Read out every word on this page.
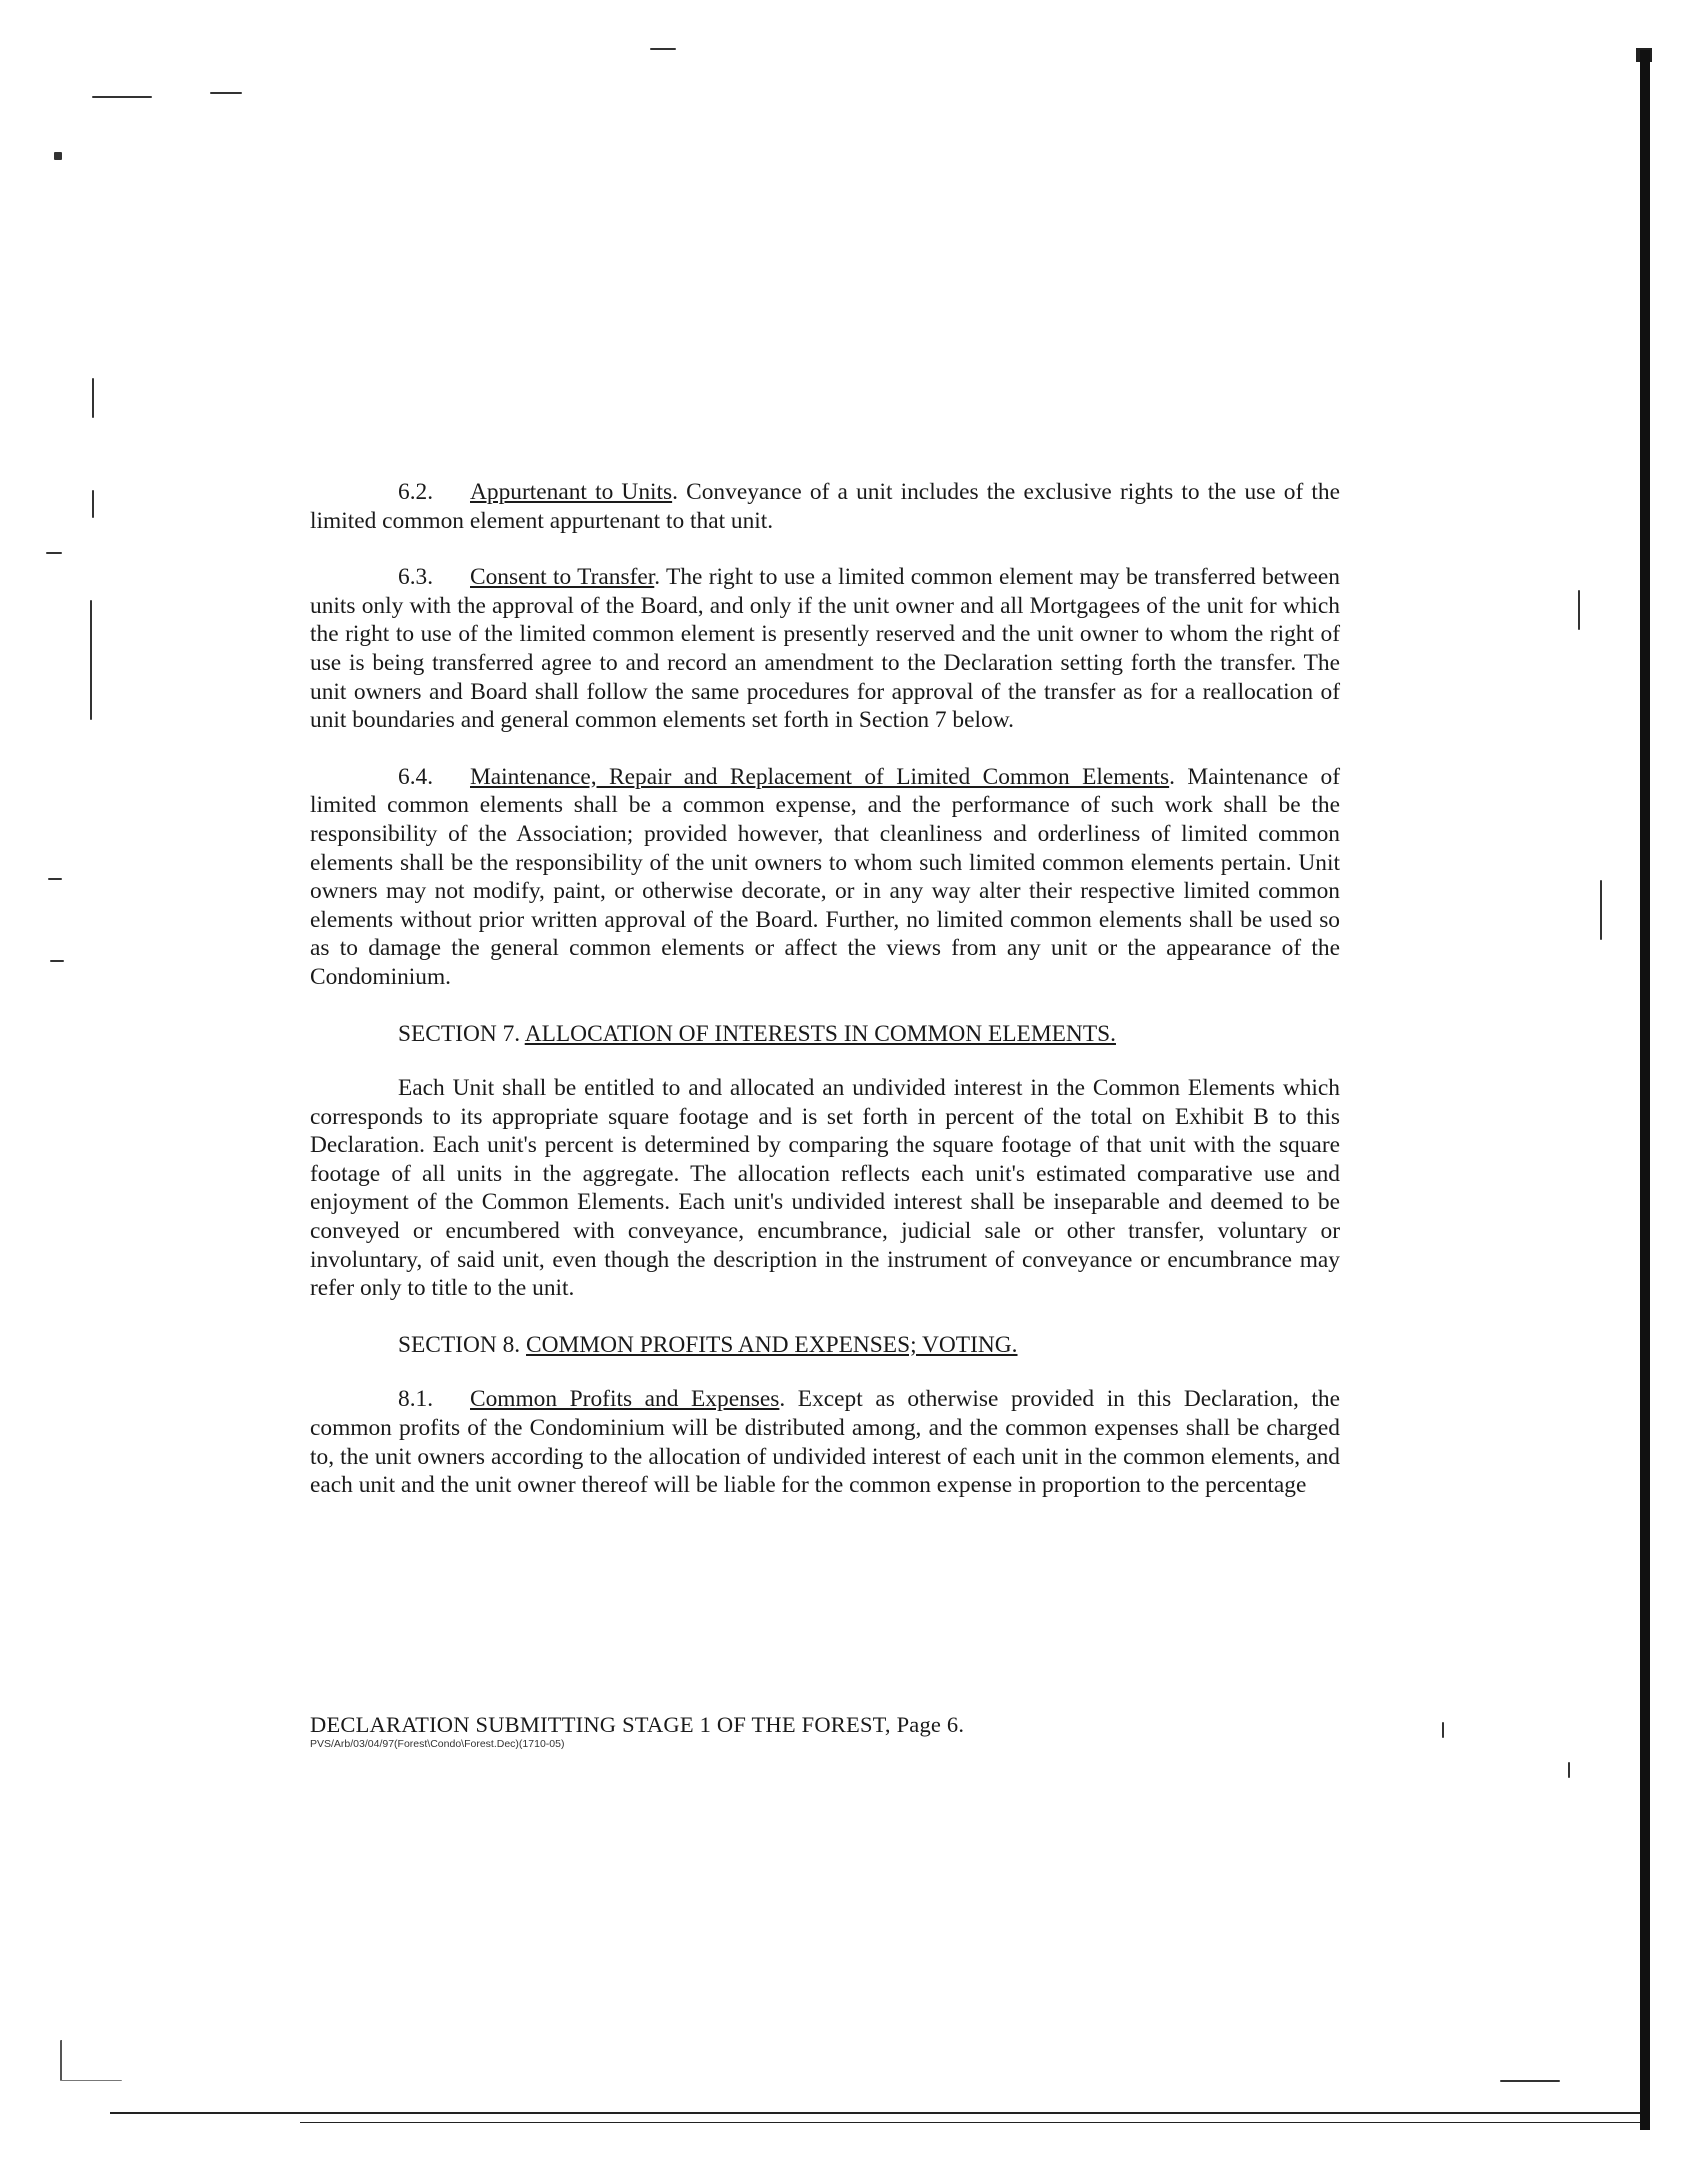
6.2. Appurtenant to Units. Conveyance of a unit includes the exclusive rights to the use of the limited common element appurtenant to that unit.

6.3. Consent to Transfer. The right to use a limited common element may be transferred between units only with the approval of the Board, and only if the unit owner and all Mortgagees of the unit for which the right to use of the limited common element is presently reserved and the unit owner to whom the right of use is being transferred agree to and record an amendment to the Declaration setting forth the transfer. The unit owners and Board shall follow the same procedures for approval of the transfer as for a reallocation of unit boundaries and general common elements set forth in Section 7 below.

6.4. Maintenance, Repair and Replacement of Limited Common Elements. Maintenance of limited common elements shall be a common expense, and the performance of such work shall be the responsibility of the Association; provided however, that cleanliness and orderliness of limited common elements shall be the responsibility of the unit owners to whom such limited common elements pertain. Unit owners may not modify, paint, or otherwise decorate, or in any way alter their respective limited common elements without prior written approval of the Board. Further, no limited common elements shall be used so as to damage the general common elements or affect the views from any unit or the appearance of the Condominium.

SECTION 7. ALLOCATION OF INTERESTS IN COMMON ELEMENTS.

Each Unit shall be entitled to and allocated an undivided interest in the Common Elements which corresponds to its appropriate square footage and is set forth in percent of the total on Exhibit B to this Declaration. Each unit's percent is determined by comparing the square footage of that unit with the square footage of all units in the aggregate. The allocation reflects each unit's estimated comparative use and enjoyment of the Common Elements. Each unit's undivided interest shall be inseparable and deemed to be conveyed or encumbered with conveyance, encumbrance, judicial sale or other transfer, voluntary or involuntary, of said unit, even though the description in the instrument of conveyance or encumbrance may refer only to title to the unit.

SECTION 8. COMMON PROFITS AND EXPENSES; VOTING.

8.1. Common Profits and Expenses. Except as otherwise provided in this Declaration, the common profits of the Condominium will be distributed among, and the common expenses shall be charged to, the unit owners according to the allocation of undivided interest of each unit in the common elements, and each unit and the unit owner thereof will be liable for the common expense in proportion to the percentage

DECLARATION SUBMITTING STAGE 1 OF THE FOREST, Page 6.
PVS/Arb/03/04/97(Forest\Condo\Forest.Dec)(1710-05)
